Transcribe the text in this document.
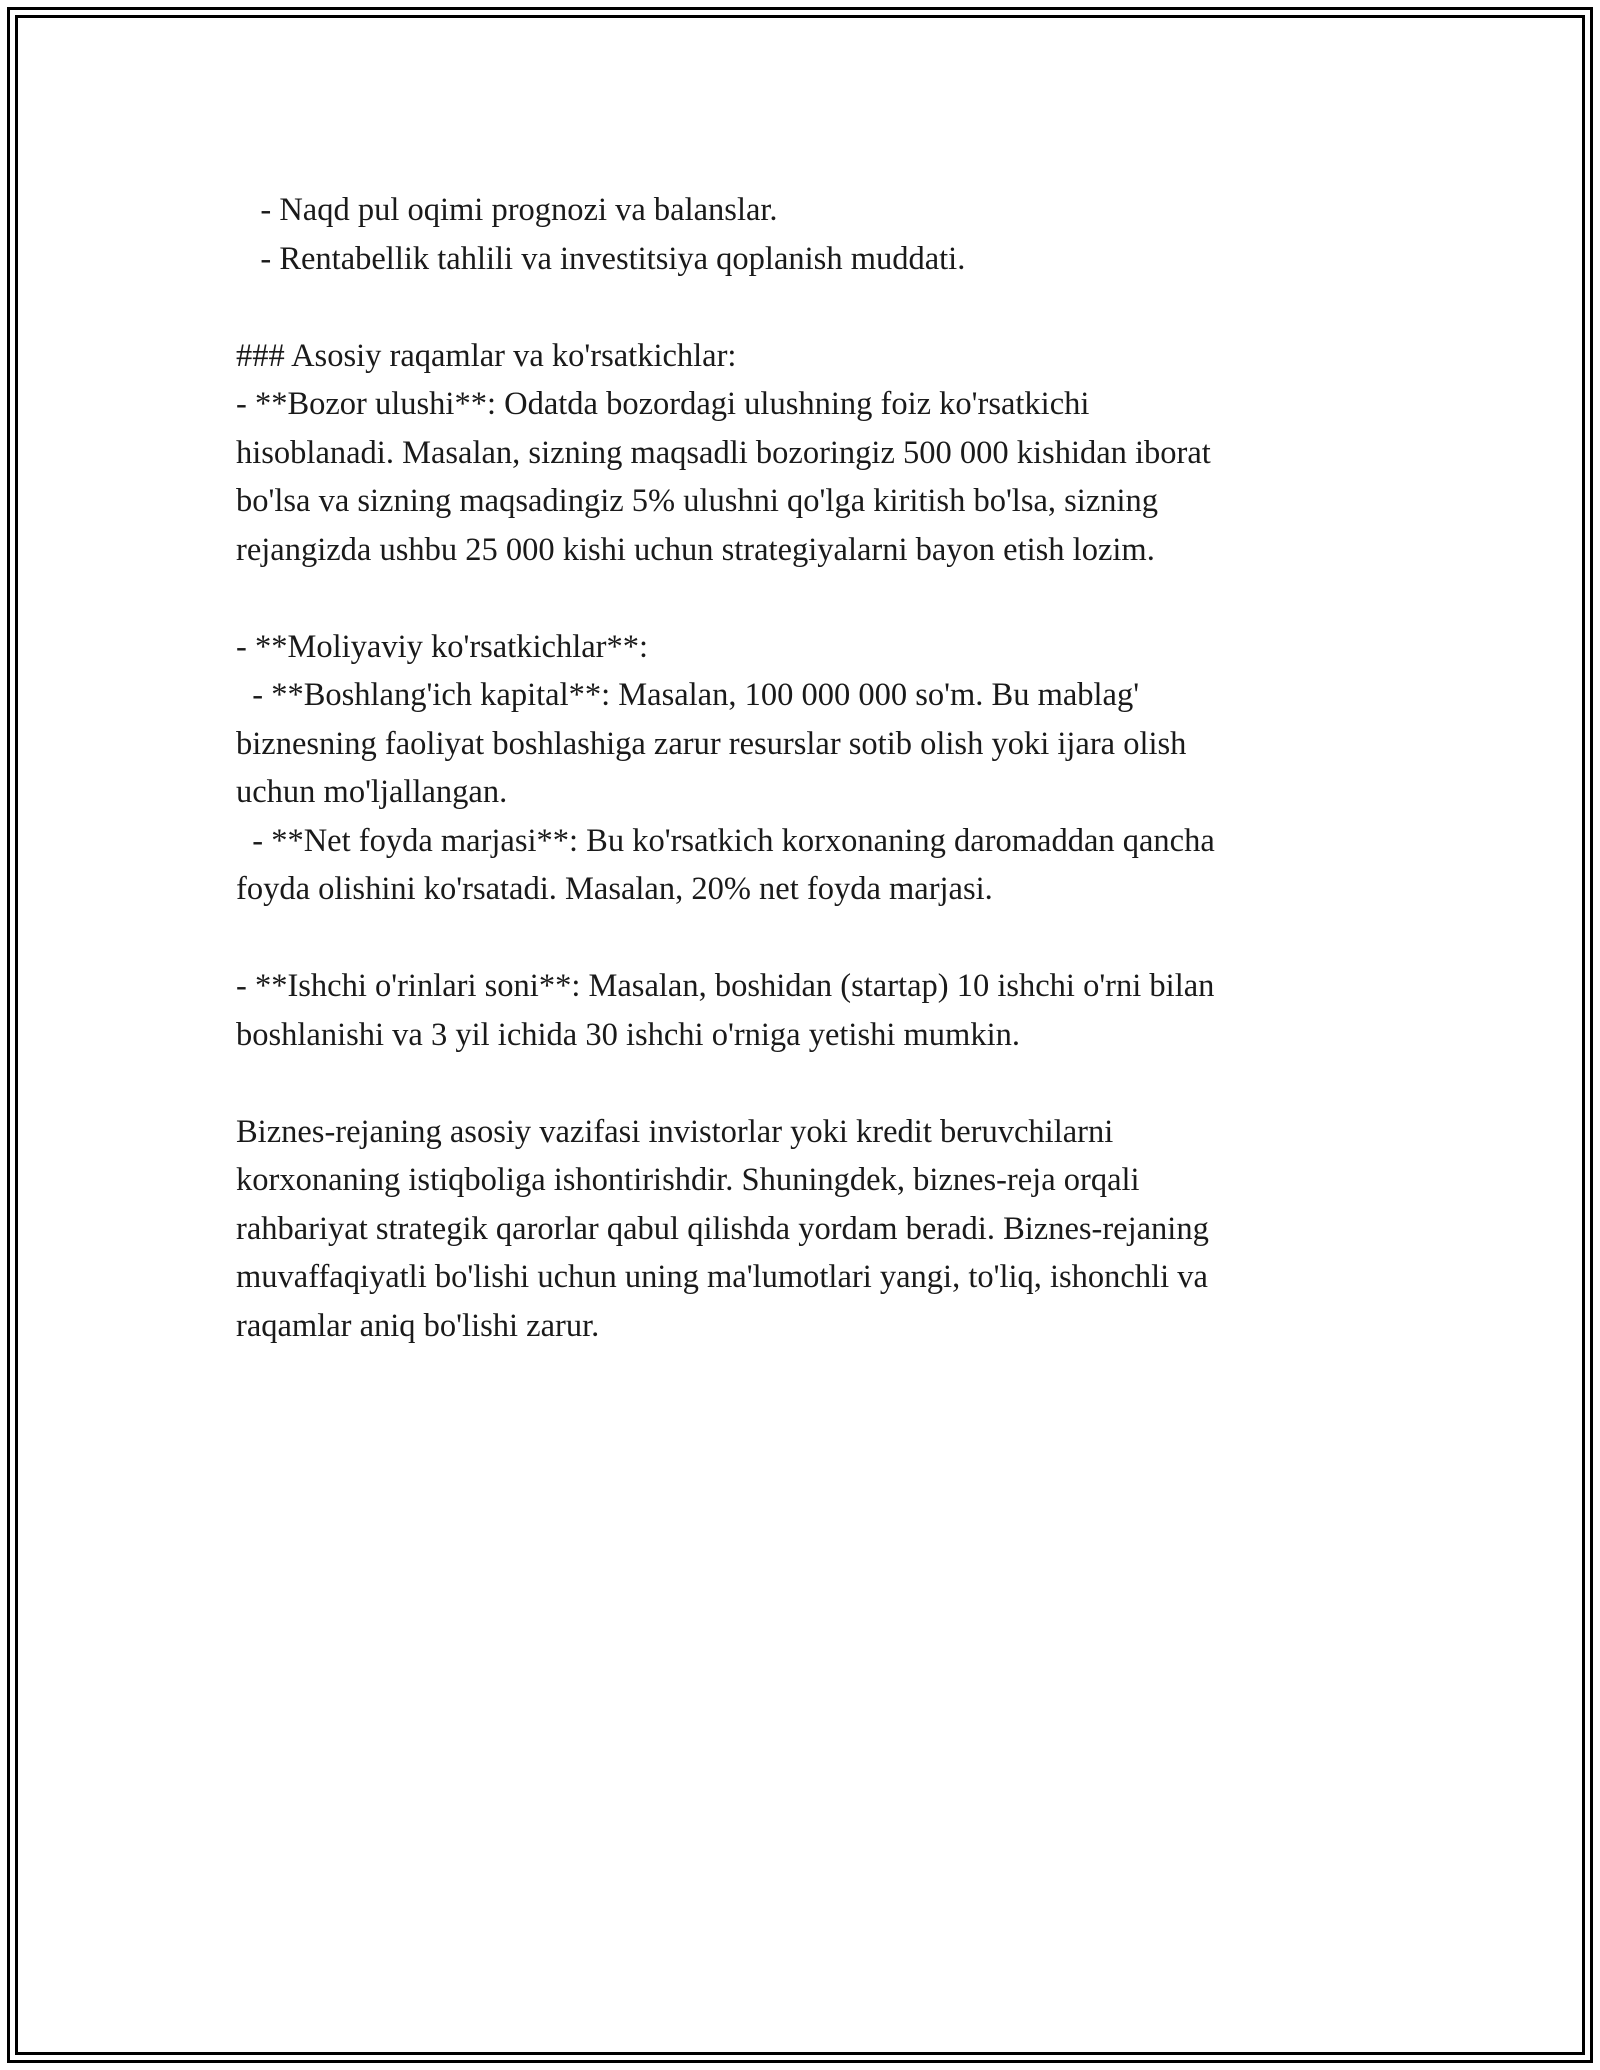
- Naqd pul oqimi prognozi va balanslar.

- Rentabellik tahlili va investitsiya qoplanish muddati.

### Asosiy raqamlar va ko'rsatkichlar:

- **Bozor ulushi**: Odatda bozordagi ulushning foiz ko'rsatkichi

hisoblanadi. Masalan, sizning maqsadli bozoringiz 500 000 kishidan iborat

bo'lsa va sizning maqsadingiz 5% ulushni qo'lga kiritish bo'lsa, sizning

rejangizda ushbu 25 000 kishi uchun strategiyalarni bayon etish lozim.

- **Moliyaviy ko'rsatkichlar**:

- **Boshlang'ich kapital**: Masalan, 100 000 000 so'm. Bu mablag'

biznesning faoliyat boshlashiga zarur resurslar sotib olish yoki ijara olish

uchun mo'ljallangan.

- **Net foyda marjasi**: Bu ko'rsatkich korxonaning daromaddan qancha

foyda olishini ko'rsatadi. Masalan, 20% net foyda marjasi.

- **Ishchi o'rinlari soni**: Masalan, boshidan (startap) 10 ishchi o'rni bilan

boshlanishi va 3 yil ichida 30 ishchi o'rniga yetishi mumkin.

Biznes-rejaning asosiy vazifasi invistorlar yoki kredit beruvchilarni

korxonaning istiqboliga ishontirishdir. Shuningdek, biznes-reja orqali

rahbariyat strategik qarorlar qabul qilishda yordam beradi. Biznes-rejaning

muvaffaqiyatli bo'lishi uchun uning ma'lumotlari yangi, to'liq, ishonchli va

raqamlar aniq bo'lishi zarur.
